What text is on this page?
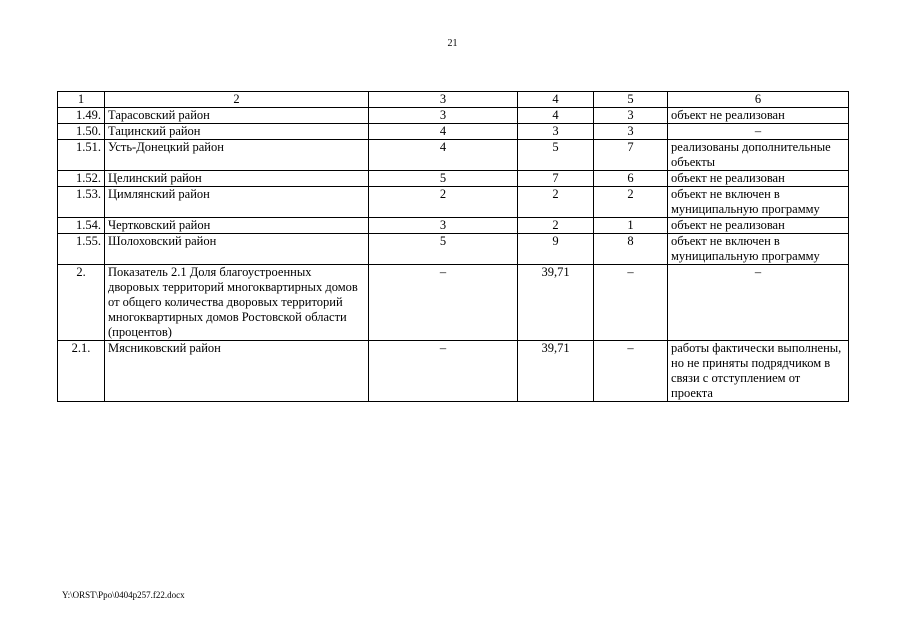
21
1	2	3	4	5	6
1.49.	Тарасовский район	3	4	3	объект не реализован
1.50.	Тацинский район	4	3	3	–
1.51.	Усть-Донецкий район	4	5	7	реализованы дополнительные объекты
1.52.	Целинский район	5	7	6	объект не реализован
1.53.	Цимлянский район	2	2	2	объект не включен в муниципальную программу
1.54.	Чертковский район	3	2	1	объект не реализован
1.55.	Шолоховский район	5	9	8	объект не включен в муниципальную программу
2.	Показатель 2.1 Доля благоустроенных дворовых территорий многоквартирных домов от общего количества дворовых территорий многоквартирных домов Ростовской области (процентов)	–	39,71	–	–
2.1.	Мясниковский район	–	39,71	–	работы фактически выполнены, но не приняты подрядчиком в связи с отступлением от проекта
Y:\ORST\Ppo\0404p257.f22.docx
